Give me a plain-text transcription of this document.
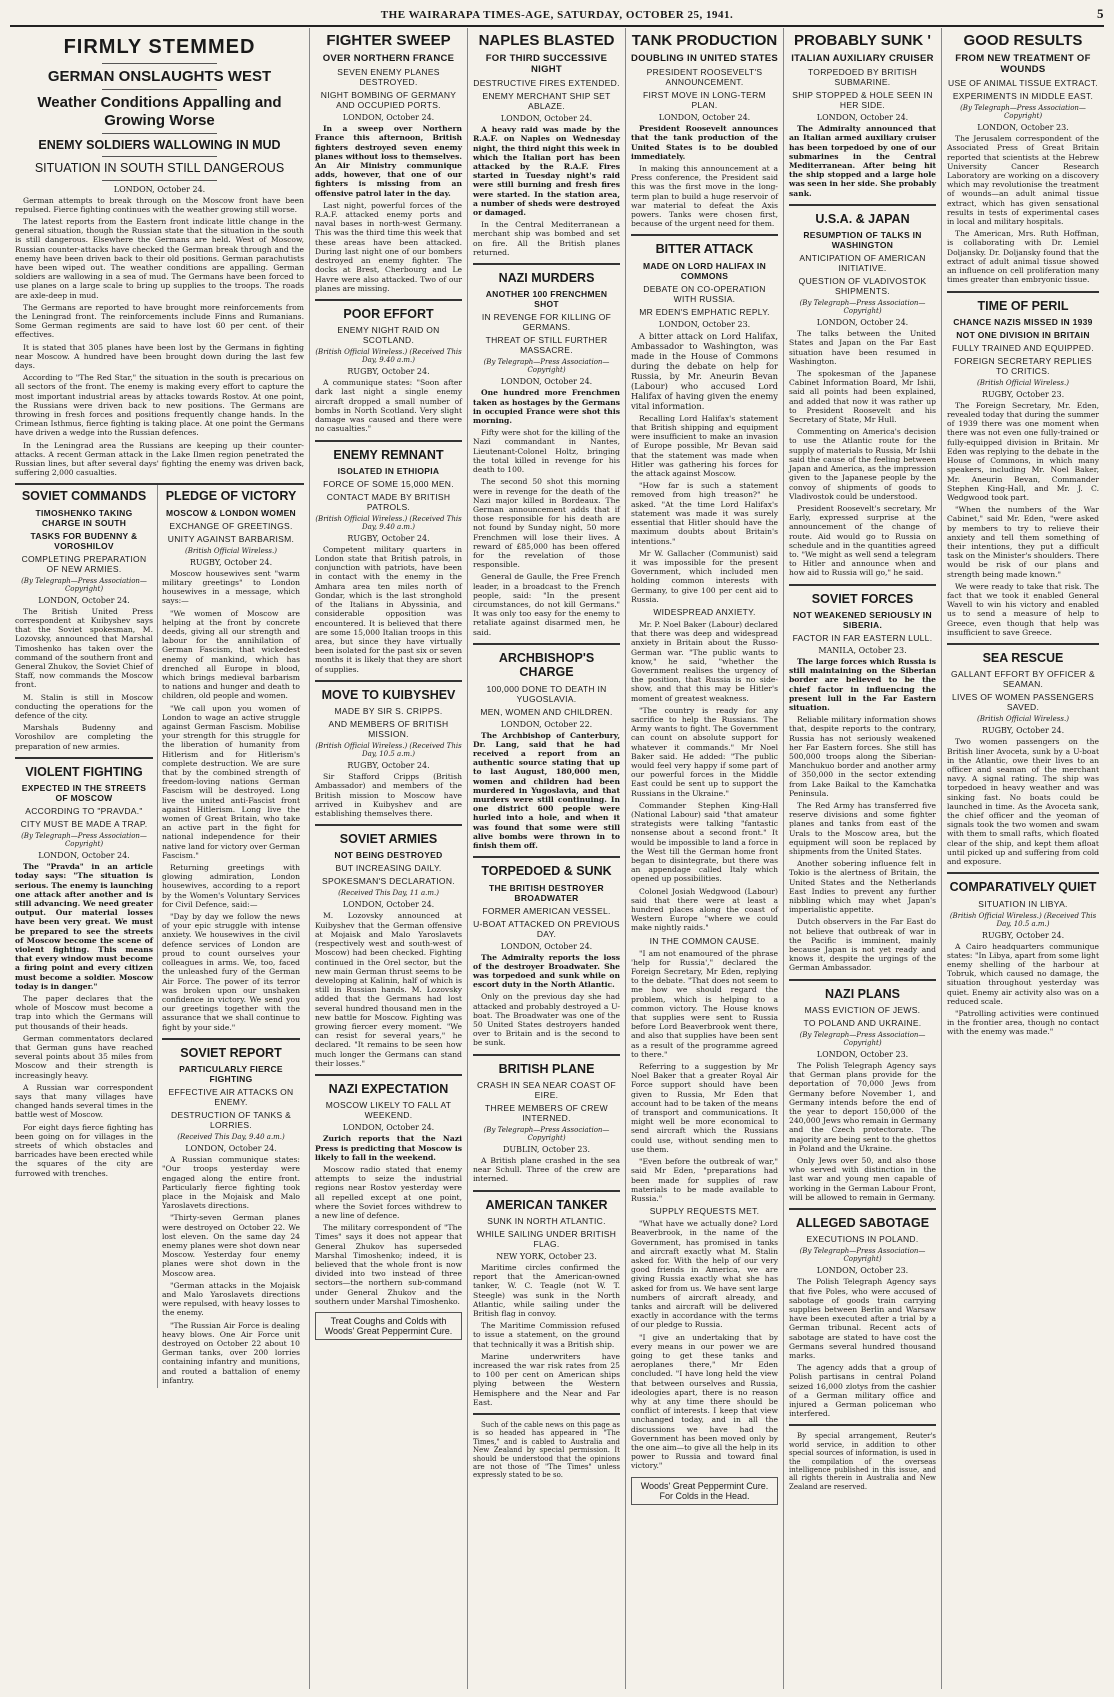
THE WAIRARAPA TIMES-AGE, SATURDAY, OCTOBER 25, 1941.	5
FIRMLY STEMMED
GERMAN ONSLAUGHTS WEST
Weather Conditions Appalling and Growing Worse
ENEMY SOLDIERS WALLOWING IN MUD
SITUATION IN SOUTH STILL DANGEROUS
LONDON, October 24.

German attempts to break through on the Moscow front have been repulsed. Fierce fighting continues with the weather growing still worse.

The latest reports from the Eastern front indicate little change in the general situation, though the Russian state that the situation in the south is still dangerous. Elsewhere the Germans are held. West of Moscow, Russian counter-attacks have checked the German break through and the enemy have been driven back to their old positions. German parachutists have been wiped out. The weather conditions are appalling. German soldiers are wallowing in a sea of mud. The Germans have been forced to use planes on a large scale to bring up supplies to the troops. The roads are axle-deep in mud.

The Germans are reported to have brought more reinforcements from the Leningrad front. The reinforcements include Finns and Rumanians. Some German regiments are said to have lost 60 per cent. of their effectives.

It is stated that 305 planes have been lost by the Germans in fighting near Moscow. A hundred have been brought down during the last few days.

According to "The Red Star," the situation in the south is precarious on all sectors of the front. The enemy is making every effort to capture the most important industrial areas by attacks towards Rostov. At one point, the Russians were driven back to new positions. The Germans are throwing in fresh forces and positions frequently change hands. In the Crimean Isthmus, fierce fighting is taking place. At one point the Germans have driven a wedge into the Russian defences.

In the Leningrad area the Russians are keeping up their counter-attacks. A recent German attack in the Lake Ilmen region penetrated the Russian lines, but after several days' fighting the enemy was driven back, suffering 2,000 casualties.

SOVIET COMMANDS
TIMOSHENKO TAKING CHARGE IN SOUTH
TASKS FOR BUDENNY & VOROSHILOV
COMPLETING PREPARATION OF NEW ARMIES.
(By Telegraph—Press Association—Copyright)
LONDON, October 24.

The British United Press correspondent at Kuibyshev says that the Soviet spokesman, M. Lozovsky, announced that Marshal Timoshenko has taken over the command of the southern front and General Zhukov, the Soviet Chief of Staff, now commands the Moscow front.

M. Stalin is still in Moscow conducting the operations for the defence of the city.

Marshals Budenny and Voroshilov are completing the preparation of new armies.

VIOLENT FIGHTING
EXPECTED IN THE STREETS OF MOSCOW
ACCORDING TO "PRAVDA."
CITY MUST BE MADE A TRAP.
(By Telegraph—Press Association—Copyright)
LONDON, October 24.

The "Pravda" in an article today says: "The situation is serious. The enemy is launching one attack after another and is still advancing. We need greater output. Our material losses have been very great. We must be prepared to see the streets of Moscow become the scene of violent fighting. This means that every window must become a firing point and every citizen must become a soldier. Moscow today is in danger."

The paper declares that the whole of Moscow must become a trap into which the Germans will put thousands of their heads.

German commentators declared that German guns have reached several points about 35 miles from Moscow and their strength is increasingly heavy.

A Russian war correspondent says that many villages have changed hands several times in the battle west of Moscow.

For eight days fierce fighting has been going on for villages in the streets of which obstacles and barricades have been erected while the squares of the city are furrowed with trenches.

PLEDGE OF VICTORY
MOSCOW & LONDON WOMEN
EXCHANGE OF GREETINGS.
UNITY AGAINST BARBARISM.
(British Official Wireless.)
RUGBY, October 24.

Moscow housewives sent "warm military greetings" to London housewives in a message, which says:—

"We women of Moscow are helping at the front by concrete deeds, giving all our strength and labour for the annihilation of German Fascism, that wickedest enemy of mankind, which has drenched all Europe in blood, which brings medieval barbarism to nations and hunger and death to children, old people and women.

"We call upon you women of London to wage an active struggle against German Fascism. Mobilise your strength for this struggle for the liberation of humanity from Hitlerism and for Hitlerism's complete destruction. We are sure that by the combined strength of freedom-loving nations German Fascism will be destroyed. Long live the united anti-Fascist front against Hitlerism. Long live the women of Great Britain, who take an active part in the fight for national independence for their native land for victory over German Fascism."

Returning greetings with glowing admiration, London housewives, according to a report by the Women's Voluntary Services for Civil Defence, said:—

"Day by day we follow the news of your epic struggle with intense anxiety. We housewives in the civil defence services of London are proud to count ourselves your colleagues in arms. We, too, faced the unleashed fury of the German Air Force. The power of its terror was broken upon our unshaken confidence in victory. We send you our greetings together with the assurance that we shall continue to fight by your side."

SOVIET REPORT
PARTICULARLY FIERCE FIGHTING
EFFECTIVE AIR ATTACKS ON ENEMY.
DESTRUCTION OF TANKS & LORRIES.
(Received This Day, 9.40 a.m.)
LONDON, October 24.

A Russian communique states: "Our troops yesterday were engaged along the entire front. Particularly fierce fighting took place in the Mojaisk and Malo Yaroslavets directions.

"Thirty-seven German planes were destroyed on October 22. We lost eleven. On the same day 24 enemy planes were shot down near Moscow. Yesterday four enemy planes were shot down in the Moscow area.

"German attacks in the Mojaisk and Malo Yaroslavets directions were repulsed, with heavy losses to the enemy.

"The Russian Air Force is dealing heavy blows. One Air Force unit destroyed on October 22 about 10 German tanks, over 200 lorries containing infantry and munitions, and routed a battalion of enemy infantry.

FIGHTER SWEEP
OVER NORTHERN FRANCE
SEVEN ENEMY PLANES DESTROYED.
NIGHT BOMBING OF GERMANY AND OCCUPIED PORTS.
LONDON, October 24.

In a sweep over Northern France this afternoon, British fighters destroyed seven enemy planes without loss to themselves. An Air Ministry communique adds, however, that one of our fighters is missing from an offensive patrol later in the day.

Last night, powerful forces of the R.A.F. attacked enemy ports and naval bases in north-west Germany. This was the third time this week that these areas have been attacked. During last night one of our bombers destroyed an enemy fighter. The docks at Brest, Cherbourg and Le Havre were also attacked. Two of our planes are missing.

POOR EFFORT
ENEMY NIGHT RAID ON SCOTLAND.
(British Official Wireless.) (Received This Day, 9.40 a.m.)
RUGBY, October 24.

A communique states: "Soon after dark last night a single enemy aircraft dropped a small number of bombs in North Scotland. Very slight damage was caused and there were no casualties."

ENEMY REMNANT
ISOLATED IN ETHIOPIA
FORCE OF SOME 15,000 MEN.
CONTACT MADE BY BRITISH PATROLS.
(British Official Wireless.) (Received This Day, 9.40 a.m.)
RUGBY, October 24.

Competent military quarters in London state that British patrols, in conjunction with patriots, have been in contact with the enemy in the Amhara area ten miles north of Gondar, which is the last stronghold of the Italians in Abyssinia, and considerable opposition was encountered. It is believed that there are some 15,000 Italian troops in this area, but since they have virtually been isolated for the past six or seven months it is likely that they are short of supplies.

MOVE TO KUIBYSHEV
MADE BY SIR S. CRIPPS.
AND MEMBERS OF BRITISH MISSION.
(British Official Wireless.) (Received This Day, 10.5 a.m.)
RUGBY, October 24.

Sir Stafford Cripps (British Ambassador) and members of the British mission to Moscow have arrived in Kuibyshev and are establishing themselves there.

SOVIET ARMIES
NOT BEING DESTROYED
BUT INCREASING DAILY.
SPOKESMAN'S DECLARATION.
(Received This Day, 11 a.m.)
LONDON, October 24.

M. Lozovsky announced at Kuibyshev that the German offensive at Mojaisk and Malo Yaroslavets (respectively west and south-west of Moscow) had been checked. Fighting continued in the Orel sector, but the new main German thrust seems to be developing at Kalinin, half of which is still in Russian hands. M. Lozovsky added that the Germans had lost several hundred thousand men in the new battle for Moscow. Fighting was growing fiercer every moment. "We can resist for several years," he declared. "It remains to be seen how much longer the Germans can stand their losses."

NAZI EXPECTATION
MOSCOW LIKELY TO FALL AT WEEKEND.
LONDON, October 24.

Zurich reports that the Nazi Press is predicting that Moscow is likely to fall in the weekend.

Moscow radio stated that enemy attempts to seize the industrial regions near Rostov yesterday were all repelled except at one point, where the Soviet forces withdrew to a new line of defence.

The military correspondent of "The Times" says it does not appear that General Zhukov has superseded Marshal Timoshenko; indeed, it is believed that the whole front is now divided into two instead of three sectors—the northern sub-command under General Zhukov and the southern under Marshal Timoshenko.

Treat Coughs and Colds with Woods' Great Peppermint Cure.
NAPLES BLASTED
FOR THIRD SUCCESSIVE NIGHT
DESTRUCTIVE FIRES EXTENDED.
ENEMY MERCHANT SHIP SET ABLAZE.
LONDON, October 24.

A heavy raid was made by the R.A.F. on Naples on Wednesday night, the third night this week in which the Italian port has been attacked by the R.A.F. Fires started in Tuesday night's raid were still burning and fresh fires were started. In the station area, a number of sheds were destroyed or damaged.

In the Central Mediterranean a merchant ship was bombed and set on fire. All the British planes returned.

NAZI MURDERS
ANOTHER 100 FRENCHMEN SHOT
IN REVENGE FOR KILLING OF GERMANS.
THREAT OF STILL FURTHER MASSACRE.
(By Telegraph—Press Association—Copyright)
LONDON, October 24.

One hundred more Frenchmen taken as hostages by the Germans in occupied France were shot this morning.

Fifty were shot for the killing of the Nazi commandant in Nantes, Lieutenant-Colonel Holtz, bringing the total killed in revenge for his death to 100.

The second 50 shot this morning were in revenge for the death of the Nazi major killed in Bordeaux. The German announcement adds that if those responsible for his death are not found by Sunday night, 50 more Frenchmen will lose their lives. A reward of £85,000 has been offered for the revelation of those responsible.

General de Gaulle, the Free French leader, in a broadcast to the French people, said: "In the present circumstances, do not kill Germans." It was only too easy for the enemy to retaliate against disarmed men, he said.

ARCHBISHOP'S CHARGE
100,000 DONE TO DEATH IN YUGOSLAVIA.
MEN, WOMEN AND CHILDREN.
LONDON, October 22.

The Archbishop of Canterbury, Dr. Lang, said that he had received a report from an authentic source stating that up to last August, 180,000 men, women and children had been murdered in Yugoslavia, and that murders were still continuing. In one district 600 people were hurled into a hole, and when it was found that some were still alive bombs were thrown in to finish them off.

TORPEDOED & SUNK
THE BRITISH DESTROYER BROADWATER
FORMER AMERICAN VESSEL.
U-BOAT ATTACKED ON PREVIOUS DAY.
LONDON, October 24.

The Admiralty reports the loss of the destroyer Broadwater. She was torpedoed and sunk while on escort duty in the North Atlantic.

Only on the previous day she had attacked and probably destroyed a U-boat. The Broadwater was one of the 50 United States destroyers handed over to Britain and is the second to be sunk.

BRITISH PLANE
CRASH IN SEA NEAR COAST OF EIRE.
THREE MEMBERS OF CREW INTERNED.
(By Telegraph—Press Association—Copyright)
DUBLIN, October 23.

A British plane crashed in the sea near Schull. Three of the crew are interned.

AMERICAN TANKER
SUNK IN NORTH ATLANTIC.
WHILE SAILING UNDER BRITISH FLAG.
NEW YORK, October 23.

Maritime circles confirmed the report that the American-owned tanker, W. C. Teagle (not W. T. Steegle) was sunk in the North Atlantic, while sailing under the British flag in convoy.

The Maritime Commission refused to issue a statement, on the ground that technically it was a British ship.

Marine underwriters have increased the war risk rates from 25 to 100 per cent on American ships plying between the Western Hemisphere and the Near and Far East.

Such of the cable news on this page as is so headed has appeared in "The Times," and is cabled to Australia and New Zealand by special permission. It should be understood that the opinions are not those of "The Times" unless expressly stated to be so.

TANK PRODUCTION
DOUBLING IN UNITED STATES
PRESIDENT ROOSEVELT'S ANNOUNCEMENT.
FIRST MOVE IN LONG-TERM PLAN.
LONDON, October 24.

President Roosevelt announces that the tank production of the United States is to be doubled immediately.

In making this announcement at a Press conference, the President said this was the first move in the long-term plan to build a huge reservoir of war material to defeat the Axis powers. Tanks were chosen first, because of the urgent need for them.

BITTER ATTACK
MADE ON LORD HALIFAX IN COMMONS
DEBATE ON CO-OPERATION WITH RUSSIA.
MR EDEN'S EMPHATIC REPLY.
LONDON, October 23.

A bitter attack on Lord Halifax, Ambassador to Washington, was made in the House of Commons during the debate on help for Russia, by Mr. Aneurin Bevan (Labour) who accused Lord Halifax of having given the enemy vital information.

Recalling Lord Halifax's statement that British shipping and equipment were insufficient to make an invasion of Europe possible, Mr Bevan said that the statement was made when Hitler was gathering his forces for the attack against Moscow.

"How far is such a statement removed from high treason?" he asked. "At the time Lord Halifax's statement was made it was surely essential that Hitler should have the maximum doubts about Britain's intentions."

Mr W. Gallacher (Communist) said it was impossible for the present Government, which included men holding common interests with Germany, to give 100 per cent aid to Russia.

WIDESPREAD ANXIETY.

Mr. P. Noel Baker (Labour) declared that there was deep and widespread anxiety in Britain about the Russo-German war. "The public wants to know," he said, "whether the Government realises the urgency of the position, that Russia is no side-show, and that this may be Hitler's moment of greatest weakness.

"The country is ready for any sacrifice to help the Russians. The Army wants to fight. The Government can count on absolute support for whatever it commands." Mr Noel Baker said. He added: "The public would feel very happy if some part of our powerful forces in the Middle East could be sent up to support the Russians in the Ukraine."

Commander Stephen King-Hall (National Labour) said "that amateur strategists were talking "fantastic nonsense about a second front." It would be impossible to land a force in the West till the German home front began to disintegrate, but there was an appendage called Italy which opened up possibilities.

Colonel Josiah Wedgwood (Labour) said that there were at least a hundred places along the coast of Western Europe "where we could make nightly raids."

IN THE COMMON CAUSE.

"I am not enamoured of the phrase 'help for Russia'," declared the Foreign Secretary, Mr Eden, replying to the debate. "That does not seem to me how we should regard the problem, which is helping to a common victory. The House knows that supplies were sent to Russia before Lord Beaverbrook went there, and also that supplies have been sent as a result of the programme agreed to there."

Referring to a suggestion by Mr Noel Baker that a greater Royal Air Force support should have been given to Russia, Mr Eden that account had to be taken of the means of transport and communications. It might well be more economical to send aircraft which the Russians could use, without sending men to use them.

"Even before the outbreak of war," said Mr Eden, "preparations had been made for supplies of raw materials to be made available to Russia."

SUPPLY REQUESTS MET.

"What have we actually done? Lord Beaverbrook, in the name of the Government, has promised in tanks and aircraft exactly what M. Stalin asked for. With the help of our very good friends in America, we are giving Russia exactly what she has asked for from us. We have sent large numbers of aircraft already, and tanks and aircraft will be delivered exactly in accordance with the terms of our pledge to Russia.

"I give an undertaking that by every means in our power we are going to get these tanks and aeroplanes there," Mr Eden concluded. "I have long held the view that between ourselves and Russia, ideologies apart, there is no reason why at any time there should be conflict of interests. I keep that view unchanged today, and in all the discussions we have had the Government has been moved only by the one aim—to give all the help in its power to Russia and toward final victory."

Woods' Great Peppermint Cure. For Colds in the Head.
PROBABLY SUNK '
ITALIAN AUXILIARY CRUISER
TORPEDOED BY BRITISH SUBMARINE.
SHIP STOPPED & HOLE SEEN IN HER SIDE.
LONDON, October 24.

The Admiralty announced that an Italian armed auxiliary cruiser has been torpedoed by one of our submarines in the Central Mediterranean. After being hit the ship stopped and a large hole was seen in her side. She probably sank.

U.S.A. & JAPAN
RESUMPTION OF TALKS IN WASHINGTON
ANTICIPATION OF AMERICAN INITIATIVE.
QUESTION OF VLADIVOSTOK SHIPMENTS.
(By Telegraph—Press Association—Copyright)
LONDON, October 24.

The talks between the United States and Japan on the Far East situation have been resumed in Washington.

The spokesman of the Japanese Cabinet Information Board, Mr Ishii, said all points had been explained, and added that now it was rather up to President Roosevelt and his Secretary of State, Mr Hull.

Commenting on America's decision to use the Atlantic route for the supply of materials to Russia, Mr Ishii said the cause of the feeling between Japan and America, as the impression given to the Japanese people by the convoy of shipments of goods to Vladivostok could be understood.

President Roosevelt's secretary, Mr Early, expressed surprise at the announcement of the change of route. Aid would go to Russia on schedule and in the quantities agreed to. "We might as well send a telegram to Hitler and announce when and how aid to Russia will go," he said.

SOVIET FORCES
NOT WEAKENED SERIOUSLY IN SIBERIA.
FACTOR IN FAR EASTERN LULL.
MANILA, October 23.

The large forces which Russia is still maintaining on the Siberian border are believed to be the chief factor in influencing the present lull in the Far Eastern situation.

Reliable military information shows that, despite reports to the contrary, Russia has not seriously weakened her Far Eastern forces. She still has 500,000 troops along the Siberian-Manchukuo border and another army of 350,000 in the sector extending from Lake Baikal to the Kamchatka Peninsula.

The Red Army has transferred five reserve divisions and some fighter planes and tanks from east of the Urals to the Moscow area, but the equipment will soon be replaced by shipments from the United States.

Another sobering influence felt in Tokio is the alertness of Britain, the United States and the Netherlands East Indies to prevent any further nibbling which may whet Japan's imperialistic appetite.

Dutch observers in the Far East do not believe that outbreak of war in the Pacific is imminent, mainly because Japan is not yet ready and knows it, despite the urgings of the German Ambassador.

NAZI PLANS
MASS EVICTION OF JEWS.
TO POLAND AND UKRAINE.
(By Telegraph—Press Association—Copyright)
LONDON, October 23.

The Polish Telegraph Agency says that German plans provide for the deportation of 70,000 Jews from Germany before November 1, and Germany intends before the end of the year to deport 150,000 of the 240,000 Jews who remain in Germany and the Czech protectorate. The majority are being sent to the ghettos in Poland and the Ukraine.

Only Jews over 50, and also those who served with distinction in the last war and young men capable of working in the German Labour Front, will be allowed to remain in Germany.

ALLEGED SABOTAGE
EXECUTIONS IN POLAND.
(By Telegraph—Press Association—Copyright)
LONDON, October 23.

The Polish Telegraph Agency says that five Poles, who were accused of sabotage of goods train carrying supplies between Berlin and Warsaw have been executed after a trial by a German tribunal. Recent acts of sabotage are stated to have cost the Germans several hundred thousand marks.

The agency adds that a group of Polish partisans in central Poland seized 16,000 zlotys from the cashier of a German military office and injured a German policeman who interfered.

By special arrangement, Reuter's world service, in addition to other special sources of information, is used in the compilation of the overseas intelligence published in this issue, and all rights therein in Australia and New Zealand are reserved.

GOOD RESULTS
FROM NEW TREATMENT OF WOUNDS
USE OF ANIMAL TISSUE EXTRACT.
EXPERIMENTS IN MIDDLE EAST.
(By Telegraph—Press Association—Copyright)
LONDON, October 23.

The Jerusalem correspondent of the Associated Press of Great Britain reported that scientists at the Hebrew University Cancer Research Laboratory are working on a discovery which may revolutionise the treatment of wounds—an adult animal tissue extract, which has given sensational results in tests of experimental cases in local and military hospitals.

The American, Mrs. Ruth Hoffman, is collaborating with Dr. Lemiel Doljansky. Dr. Doljansky found that the extract of adult animal tissue showed an influence on cell proliferation many times greater than embryonic tissue.

TIME OF PERIL
CHANCE NAZIS MISSED IN 1939
NOT ONE DIVISION IN BRITAIN
FULLY TRAINED AND EQUIPPED.
FOREIGN SECRETARY REPLIES TO CRITICS.
(British Official Wireless.)
RUGBY, October 23.

The Foreign Secretary, Mr. Eden, revealed today that during the summer of 1939 there was one moment when there was not even one fully-trained or fully-equipped division in Britain. Mr Eden was replying to the debate in the House of Commons, in which many speakers, including Mr. Noel Baker, Mr. Aneurin Bevan, Commander Stephen King-Hall, and Mr. J. C. Wedgwood took part.

"When the numbers of the War Cabinet," said Mr. Eden, "were asked by members to try to relieve their anxiety and tell them something of their intentions, they put a difficult task on the Minister's shoulders. There would be risk of our plans and strength being made known."

We were ready to take that risk. The fact that we took it enabled General Wavell to win his victory and enabled us to send a measure of help to Greece, even though that help was insufficient to save Greece.

SEA RESCUE
GALLANT EFFORT BY OFFICER & SEAMAN.
LIVES OF WOMEN PASSENGERS SAVED.
(British Official Wireless.)
RUGBY, October 24.

Two women passengers on the British liner Avoceta, sunk by a U-boat in the Atlantic, owe their lives to an officer and seaman of the merchant navy. A signal rating. The ship was torpedoed in heavy weather and was sinking fast. No boats could be launched in time. As the Avoceta sank, the chief officer and the yeoman of signals took the two women and swam with them to small rafts, which floated clear of the ship, and kept them afloat until picked up and suffering from cold and exposure.

COMPARATIVELY QUIET
SITUATION IN LIBYA.
(British Official Wireless.) (Received This Day, 10.5 a.m.)
RUGBY, October 24.

A Cairo headquarters communique states: "In Libya, apart from some light enemy shelling of the harbour at Tobruk, which caused no damage, the situation throughout yesterday was quiet. Enemy air activity also was on a reduced scale.

"Patrolling activities were continued in the frontier area, though no contact with the enemy was made."
